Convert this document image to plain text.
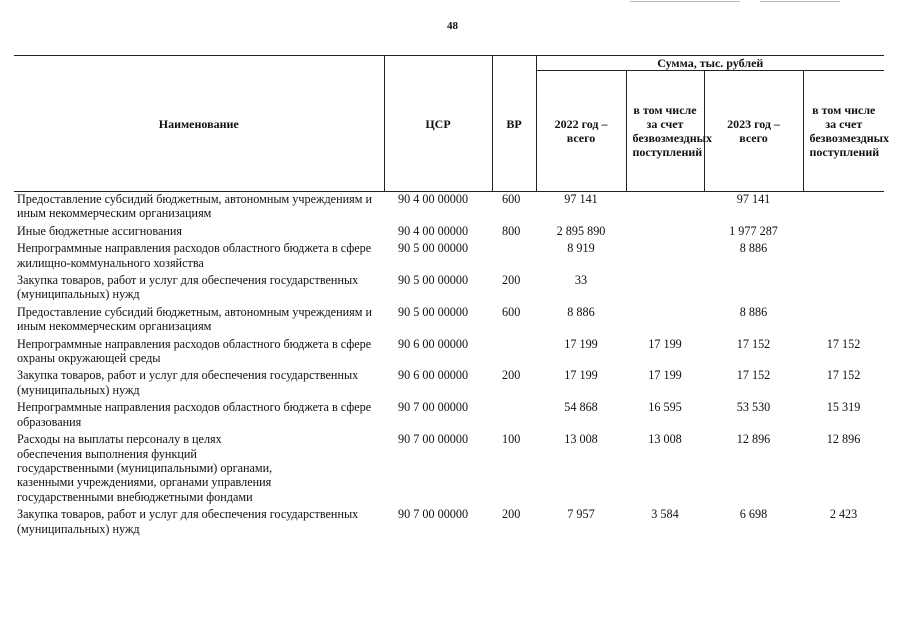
48
Наименование	ЦСР	ВР	Сумма, тыс. рублей			
			2022 год – всего	в том числе за счет безвозмездных поступлений	2023 год – всего	в том числе за счет безвозмездных поступлений
Предоставление субсидий бюджетным, автономным учреждениям и иным некоммерческим организациям	90 4 00 00000	600	97 141		97 141	
Иные бюджетные ассигнования	90 4 00 00000	800	2 895 890		1 977 287	
Непрограммные направления расходов областного бюджета в сфере жилищно-коммунального хозяйства	90 5 00 00000		8 919		8 886	
Закупка товаров, работ и услуг для обеспечения государственных (муниципальных) нужд	90 5 00 00000	200	33			
Предоставление субсидий бюджетным, автономным учреждениям и иным некоммерческим организациям	90 5 00 00000	600	8 886		8 886	
Непрограммные направления расходов областного бюджета в сфере охраны окружающей среды	90 6 00 00000		17 199	17 199	17 152	17 152
Закупка товаров, работ и услуг для обеспечения государственных (муниципальных) нужд	90 6 00 00000	200	17 199	17 199	17 152	17 152
Непрограммные направления расходов областного бюджета в сфере образования	90 7 00 00000		54 868	16 595	53 530	15 319
Расходы на выплаты персоналу в целях обеспечения выполнения функций государственными (муниципальными) органами, казенными учреждениями, органами управления государственными внебюджетными фондами	90 7 00 00000	100	13 008	13 008	12 896	12 896
Закупка товаров, работ и услуг для обеспечения государственных (муниципальных) нужд	90 7 00 00000	200	7 957	3 584	6 698	2 423
